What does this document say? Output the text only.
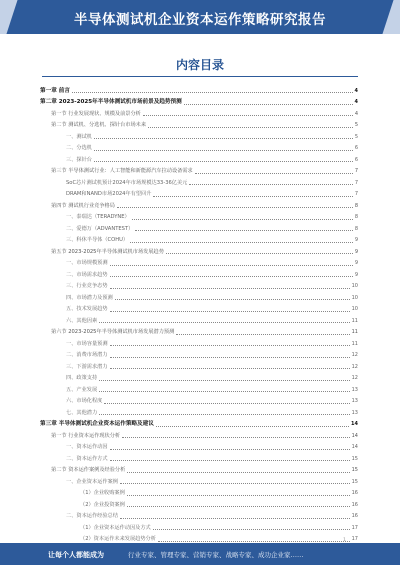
半导体测试机企业资本运作策略研究报告
内容目录
第一章 前言	4
第二章 2023-2025年半导体测试机市场前景及趋势预测	4
第一节 行业发展现状、规模及前景分析	4
第二节 测试机、分选机、探针台市场未来	5
一、测试机	5
二、分选机	6
三、探针台	6
第三节 半导体测试行业：人工智能和新能源汽车拉动设备需求	7
SoC芯片测试机预计2024年市场规模达33-36亿美元	7
DRAM和NAND市场2024年有望回升	7
第四节 测试机行业竞争格局	8
一、泰瑞达（TERADYNE）	8
二、爱德万（ADVANTEST）	8
三、科休半导体（COHU）	9
第五节 2023-2025年半导体测试机市场发展趋势	9
一、市场规模预测	9
二、市场需求趋势	9
三、行业竞争态势	10
四、市场潜力及预测	10
五、技术发展趋势	10
六、其他因素	11
第六节 2023-2025年半导体测试机市场发展潜力预测	11
一、市场容量预测	11
二、消费市场潜力	12
三、下游需求潜力	12
四、政策支持	12
五、产业发展	13
六、市场化程度	13
七、其他潜力	13
第三章 半导体测试机企业资本运作策略及建议	14
第一节 行业资本运作现状分析	14
一、资本运作动因	14
二、资本运作方式	15
第二节 资本运作案例及经验分析	15
一、企业资本运作案例	15
（1）企业收购案例	16
（2）企业投资案例	16
二、资本运作经验总结	16
（1）企业资本运作动因及方式	17
（2）资本运作未来发展趋势分析	17
1
让每个人都能成为	行业专家、管理专家、营销专家、战略专家、成功企业家……
